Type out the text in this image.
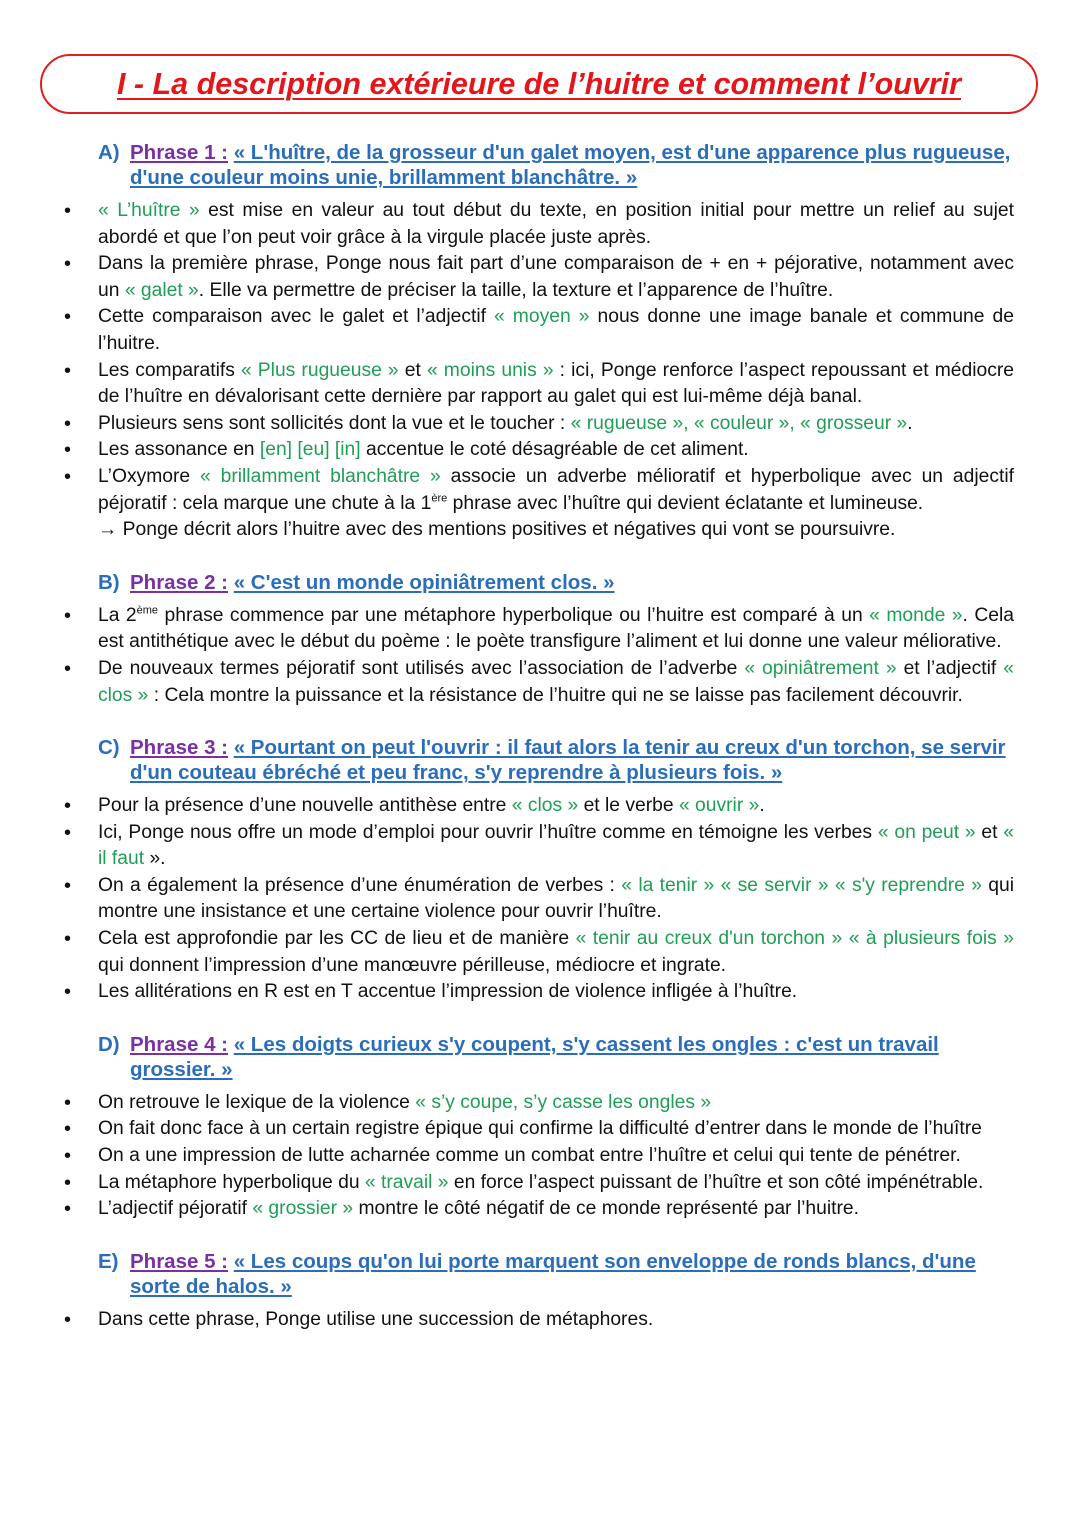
I - La description extérieure de l’huitre et comment l’ouvrir
A) Phrase 1 : « L'huître, de la grosseur d'un galet moyen, est d'une apparence plus rugueuse, d'une couleur moins unie, brillamment blanchâtre. »
• « L’huître » est mise en valeur au tout début du texte, en position initial pour mettre un relief au sujet abordé et que l’on peut voir grâce à la virgule placée juste après.
• Dans la première phrase, Ponge nous fait part d’une comparaison de + en + péjorative, notamment avec un « galet ». Elle va permettre de préciser la taille, la texture et l’apparence de l’huître.
• Cette comparaison avec le galet et l’adjectif « moyen » nous donne une image banale et commune de l’huitre.
• Les comparatifs « Plus rugueuse » et « moins unis » : ici, Ponge renforce l’aspect repoussant et médiocre de l’huître en dévalorisant cette dernière par rapport au galet qui est lui-même déjà banal.
• Plusieurs sens sont sollicités dont la vue et le toucher : « rugueuse », « couleur », « grosseur ».
• Les assonance en [en] [eu] [in] accentue le coté désagréable de cet aliment.
• L’Oxymore « brillamment blanchâtre » associe un adverbe mélioratif et hyperbolique avec un adjectif péjoratif : cela marque une chute à la 1ère phrase avec l’huître qui devient éclatante et lumineuse.
→ Ponge décrit alors l’huitre avec des mentions positives et négatives qui vont se poursuivre.
B) Phrase 2 : « C'est un monde opiniâtrement clos. »
• La 2ème phrase commence par une métaphore hyperbolique ou l’huitre est comparé à un « monde ». Cela est antithétique avec le début du poème : le poète transfigure l’aliment et lui donne une valeur méliorative.
• De nouveaux termes péjoratif sont utilisés avec l’association de l’adverbe « opiniâtrement » et l’adjectif « clos » : Cela montre la puissance et la résistance de l’huitre qui ne se laisse pas facilement découvrir.
C) Phrase 3 : « Pourtant on peut l'ouvrir : il faut alors la tenir au creux d'un torchon, se servir d'un couteau ébréché et peu franc, s'y reprendre à plusieurs fois. »
• Pour la présence d’une nouvelle antithèse entre « clos » et le verbe « ouvrir ».
• Ici, Ponge nous offre un mode d’emploi pour ouvrir l’huître comme en témoigne les verbes « on peut » et « il faut ».
• On a également la présence d’une énumération de verbes : « la tenir » « se servir » « s'y reprendre » qui montre une insistance et une certaine violence pour ouvrir l’huître.
• Cela est approfondie par les CC de lieu et de manière « tenir au creux d'un torchon » « à plusieurs fois » qui donnent l’impression d’une manœuvre périlleuse, médiocre et ingrate.
• Les allitérations en R est en T accentue l’impression de violence infligée à l’huître.
D) Phrase 4 : « Les doigts curieux s'y coupent, s'y cassent les ongles : c'est un travail grossier. »
• On retrouve le lexique de la violence « s’y coupe, s’y casse les ongles »
• On fait donc face à un certain registre épique qui confirme la difficulté d’entrer dans le monde de l’huître
• On a une impression de lutte acharnée comme un combat entre l’huître et celui qui tente de pénétrer.
• La métaphore hyperbolique du « travail » en force l’aspect puissant de l’huître et son côté impénétrable.
• L’adjectif péjoratif « grossier » montre le côté négatif de ce monde représenté par l’huitre.
E) Phrase 5 : « Les coups qu'on lui porte marquent son enveloppe de ronds blancs, d'une sorte de halos. »
• Dans cette phrase, Ponge utilise une succession de métaphores.
